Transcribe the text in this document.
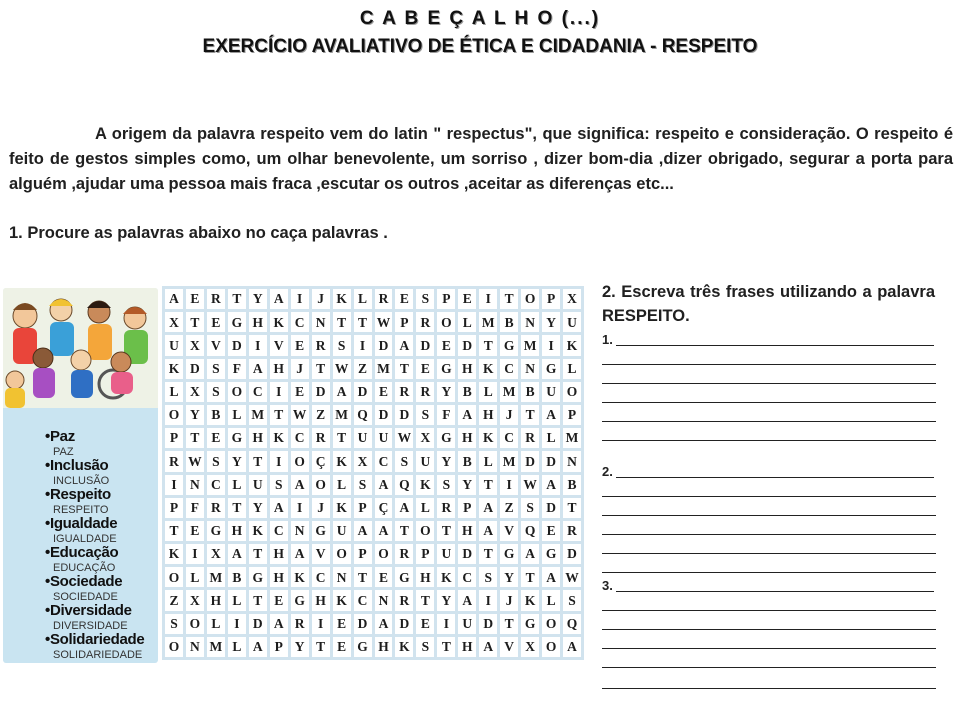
C A B E Ç A L H O (...)
EXERCÍCIO AVALIATIVO DE ÉTICA E CIDADANIA - RESPEITO

A origem da palavra respeito vem do latin " respectus", que significa: respeito e consideração. O respeito é feito de gestos simples como, um olhar benevolente, um sorriso , dizer bom-dia ,dizer obrigado, segurar a porta para alguém ,ajudar uma pessoa mais fraca ,escutar os outros ,aceitar as diferenças etc...

1. Procure as palavras abaixo no caça palavras .
•Paz
PAZ
•Inclusão
INCLUSÃO
•Respeito
RESPEITO
•Igualdade
IGUALDADE
•Educação
EDUCAÇÃO
•Sociedade
SOCIEDADE
•Diversidade
DIVERSIDADE
•Solidariedade
SOLIDARIEDADE
A E R T Y A I	J K L R E S P E	I	T O P X
X T E G H K C N T T W P R O L M B N Y U
U X V D I V E R S	I D A D E D T G M I K
K D S F A H J T W Z M T E G H K C N G L
L X S O C I	E D A D E R R Y B L M B U O
O Y B L M T W Z M Q D D S F A H J T A P
P T E G H K C R T U U W X G H K C R L M
R W S Y T	I O Ç K X C S U Y B L M D D N
I N C L U S A O L S A Q K S Y T	I W A B
P F R T Y A I	J K P Ç A L R P A Z S D T
T E G H K C N G U A A T O T H A V Q E R
K I X A T H A V O P O R P U D T G A G D
O L M B G H K C N T E G H K C S Y T A W
Z X H L T E G H K C N R T Y A I	J K L S
S O L	I D A R I	E D A D E	I U D T G O Q
O N M L A P Y T E G H K S T H A V X O A
2. Escreva três frases utilizando a palavra RESPEITO.
1.
2.
3.
